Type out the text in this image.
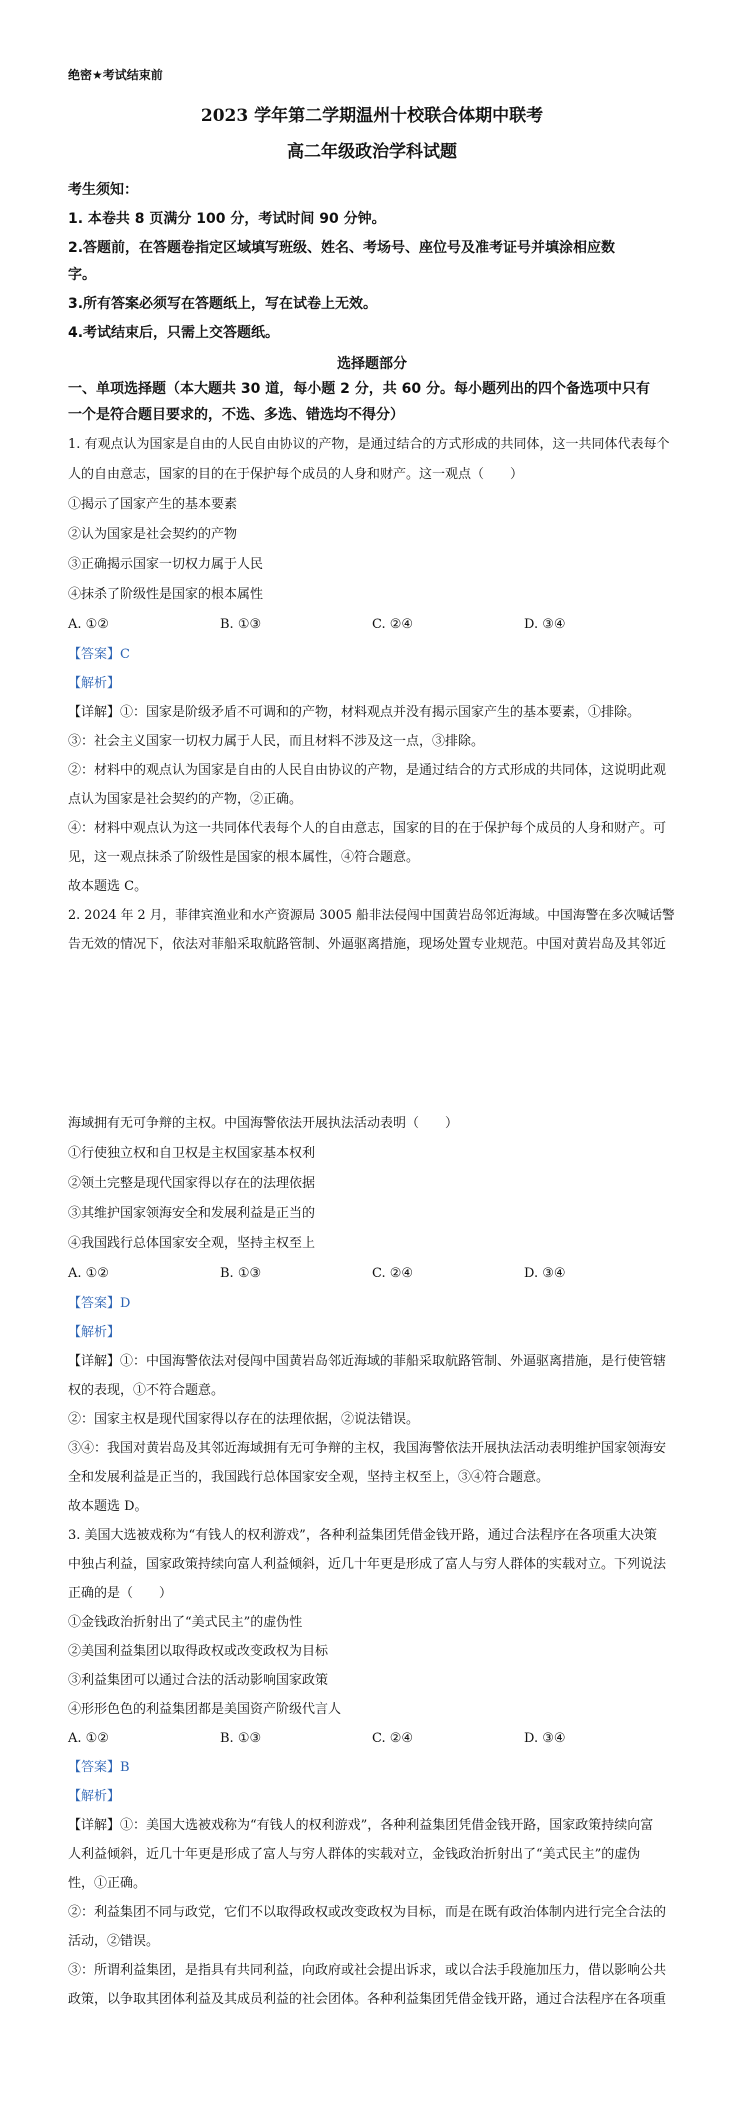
绝密★考试结束前
2023 学年第二学期温州十校联合体期中联考
高二年级政治学科试题
考生须知：
1. 本卷共 8 页满分 100 分，考试时间 90 分钟。
2.答题前，在答题卷指定区域填写班级、姓名、考场号、座位号及准考证号并填涂相应数
字。
3.所有答案必须写在答题纸上，写在试卷上无效。
4.考试结束后，只需上交答题纸。
选择题部分
一、单项选择题（本大题共 30 道，每小题 2 分，共 60 分。每小题列出的四个备选项中只有
一个是符合题目要求的，不选、多选、错选均不得分）
1. 有观点认为国家是自由的人民自由协议的产物，是通过结合的方式形成的共同体，这一共同体代表每个
人的自由意志，国家的目的在于保护每个成员的人身和财产。这一观点（　　）
①揭示了国家产生的基本要素
②认为国家是社会契约的产物
③正确揭示国家一切权力属于人民
④抹杀了阶级性是国家的根本属性
A. ①②	B. ①③	C. ②④	D. ③④
【答案】C
【解析】
【详解】①：国家是阶级矛盾不可调和的产物，材料观点并没有揭示国家产生的基本要素，①排除。
③：社会主义国家一切权力属于人民，而且材料不涉及这一点，③排除。
②：材料中的观点认为国家是自由的人民自由协议的产物，是通过结合的方式形成的共同体，这说明此观
点认为国家是社会契约的产物，②正确。
④：材料中观点认为这一共同体代表每个人的自由意志，国家的目的在于保护每个成员的人身和财产。可
见，这一观点抹杀了阶级性是国家的根本属性，④符合题意。
故本题选 C。
2. 2024 年 2 月，菲律宾渔业和水产资源局 3005 船非法侵闯中国黄岩岛邻近海域。中国海警在多次喊话警
告无效的情况下，依法对菲船采取航路管制、外逼驱离措施，现场处置专业规范。中国对黄岩岛及其邻近
海域拥有无可争辩的主权。中国海警依法开展执法活动表明（　　）
①行使独立权和自卫权是主权国家基本权利
②领土完整是现代国家得以存在的法理依据
③其维护国家领海安全和发展利益是正当的
④我国践行总体国家安全观，坚持主权至上
A. ①②	B. ①③	C. ②④	D. ③④
【答案】D
【解析】
【详解】①：中国海警依法对侵闯中国黄岩岛邻近海域的菲船采取航路管制、外逼驱离措施，是行使管辖
权的表现，①不符合题意。
②：国家主权是现代国家得以存在的法理依据，②说法错误。
③④：我国对黄岩岛及其邻近海域拥有无可争辩的主权，我国海警依法开展执法活动表明维护国家领海安
全和发展利益是正当的，我国践行总体国家安全观，坚持主权至上，③④符合题意。
故本题选 D。
3. 美国大选被戏称为“有钱人的权利游戏”，各种利益集团凭借金钱开路，通过合法程序在各项重大决策
中独占利益，国家政策持续向富人利益倾斜，近几十年更是形成了富人与穷人群体的实载对立。下列说法
正确的是（　　）
①金钱政治折射出了“美式民主”的虚伪性
②美国利益集团以取得政权或改变政权为目标
③利益集团可以通过合法的活动影响国家政策
④形形色色的利益集团都是美国资产阶级代言人
A. ①②	B. ①③	C. ②④	D. ③④
【答案】B
【解析】
【详解】①：美国大选被戏称为“有钱人的权利游戏”，各种利益集团凭借金钱开路，国家政策持续向富
人利益倾斜，近几十年更是形成了富人与穷人群体的实载对立，金钱政治折射出了“美式民主”的虚伪
性，①正确。
②：利益集团不同与政党，它们不以取得政权或改变政权为目标，而是在既有政治体制内进行完全合法的
活动，②错误。
③：所谓利益集团，是指具有共同利益，向政府或社会提出诉求，或以合法手段施加压力，借以影响公共
政策，以争取其团体利益及其成员利益的社会团体。各种利益集团凭借金钱开路，通过合法程序在各项重
